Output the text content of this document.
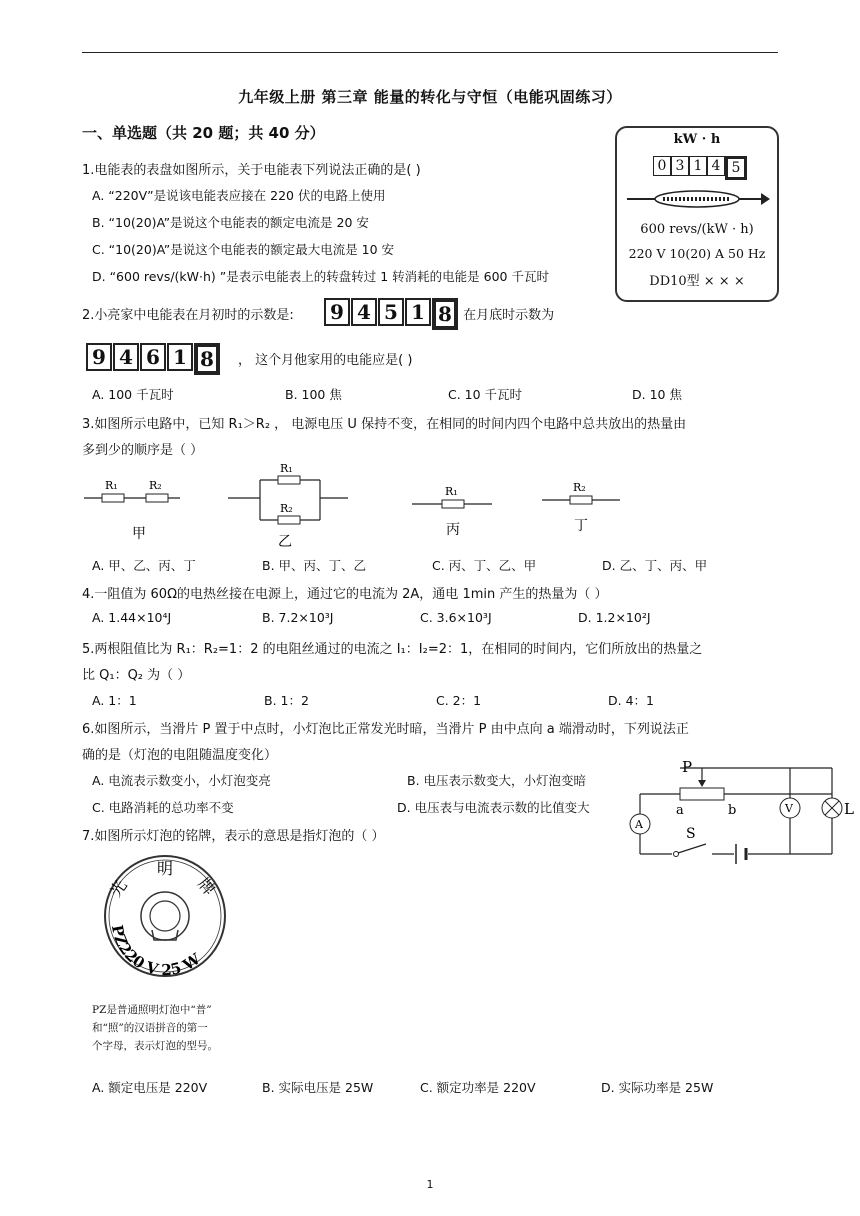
九年级上册 第三章 能量的转化与守恒（电能巩固练习）
一、单选题（共 20 题；共 40 分）
1.电能表的表盘如图所示，关于电能表下列说法正确的是( )
A. “220V”是说该电能表应接在 220 伏的电路上使用
B. “10(20)A”是说这个电能表的额定电流是 20 安
C. “10(20)A”是说这个电能表的额定最大电流是 10 安
D. “600 revs/(kW·h) ”是表示电能表上的转盘转过 1 转消耗的电能是 600 千瓦时
kW · h
0 3 1 4 5
600 revs/(kW · h)
220 V 10(20) A 50 Hz
DD10型 × × ×
2.小亮家中电能表在月初时的示数是:	9 4 5 1 8
， 在月底时示数为
9 4 6 1 8	， 这个月他家用的电能应是( )
A. 100 千瓦时	B. 100 焦	C. 10 千瓦时	D. 10 焦
3.如图所示电路中，已知 R₁＞R₂ ， 电源电压 U 保持不变，在相同的时间内四个电路中总共放出的热量由
多到少的顺序是（ ）
R₁	R₂
甲
R₁
R₂
乙
R₁
丙
R₂
丁
A. 甲、乙、丙、丁	B. 甲、丙、丁、乙	C. 丙、丁、乙、甲	D. 乙、丁、丙、甲
4.一阻值为 60Ω的电热丝接在电源上，通过它的电流为 2A，通电 1min 产生的热量为（ ）
A. 1.44×10⁴J	B. 7.2×10³J	C. 3.6×10³J	D. 1.2×10²J
5.两根阻值比为 R₁：R₂=1：2 的电阻丝通过的电流之 I₁：I₂=2：1，在相同的时间内，它们所放出的热量之
比 Q₁：Q₂ 为（ ）
A. 1：1	B. 1：2	C. 2：1	D. 4：1
6.如图所示，当滑片 P 置于中点时，小灯泡比正常发光时暗，当滑片 P 由中点向 a 端滑动时，下列说法正
确的是（灯泡的电阻随温度变化）
A. 电流表示数变小，小灯泡变亮	B. 电压表示数变大，小灯泡变暗
C. 电路消耗的总功率不变	D. 电压表与电流表示数的比值变大
P
a	b
A
V	L
S
7.如图所示灯泡的铭牌，表示的意思是指灯泡的（ ）
光
明
牌
PZ220 V 25 W
PZ是普通照明灯泡中“普”
和“照”的汉语拼音的第一
个字母，表示灯泡的型号。
A. 额定电压是 220V	B. 实际电压是 25W	C. 额定功率是 220V	D. 实际功率是 25W
1
